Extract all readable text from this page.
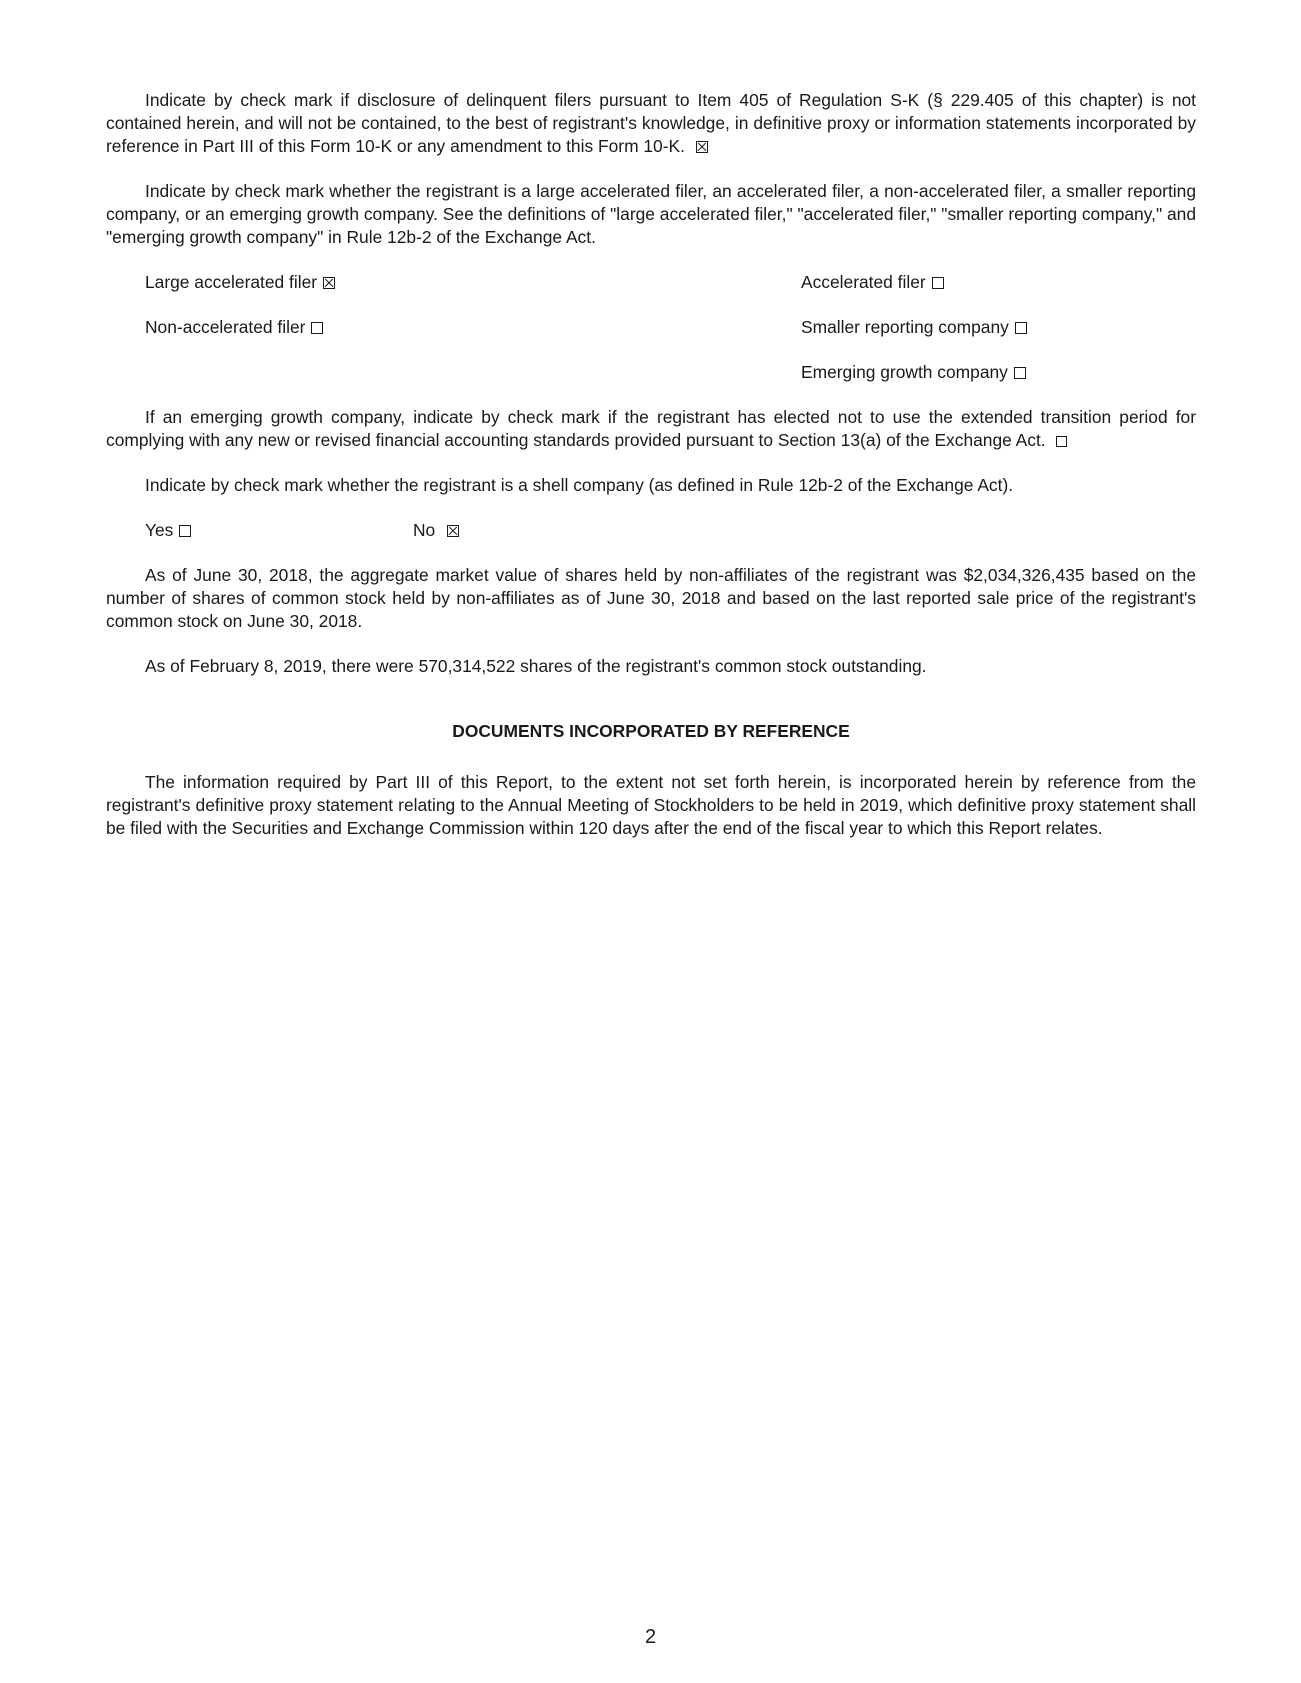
Indicate by check mark if disclosure of delinquent filers pursuant to Item 405 of Regulation S-K (§ 229.405 of this chapter) is not contained herein, and will not be contained, to the best of registrant's knowledge, in definitive proxy or information statements incorporated by reference in Part III of this Form 10-K or any amendment to this Form 10-K.

Indicate by check mark whether the registrant is a large accelerated filer, an accelerated filer, a non-accelerated filer, a smaller reporting company, or an emerging growth company. See the definitions of "large accelerated filer," "accelerated filer," "smaller reporting company," and "emerging growth company" in Rule 12b-2 of the Exchange Act.

Large accelerated filer	Accelerated filer
Non-accelerated filer	Smaller reporting company
Emerging growth company

If an emerging growth company, indicate by check mark if the registrant has elected not to use the extended transition period for complying with any new or revised financial accounting standards provided pursuant to Section 13(a) of the Exchange Act.

Indicate by check mark whether the registrant is a shell company (as defined in Rule 12b-2 of the Exchange Act).

Yes	No

As of June 30, 2018, the aggregate market value of shares held by non-affiliates of the registrant was $2,034,326,435 based on the number of shares of common stock held by non-affiliates as of June 30, 2018 and based on the last reported sale price of the registrant's common stock on June 30, 2018.

As of February 8, 2019, there were 570,314,522 shares of the registrant's common stock outstanding.

DOCUMENTS INCORPORATED BY REFERENCE

The information required by Part III of this Report, to the extent not set forth herein, is incorporated herein by reference from the registrant's definitive proxy statement relating to the Annual Meeting of Stockholders to be held in 2019, which definitive proxy statement shall be filed with the Securities and Exchange Commission within 120 days after the end of the fiscal year to which this Report relates.

2
